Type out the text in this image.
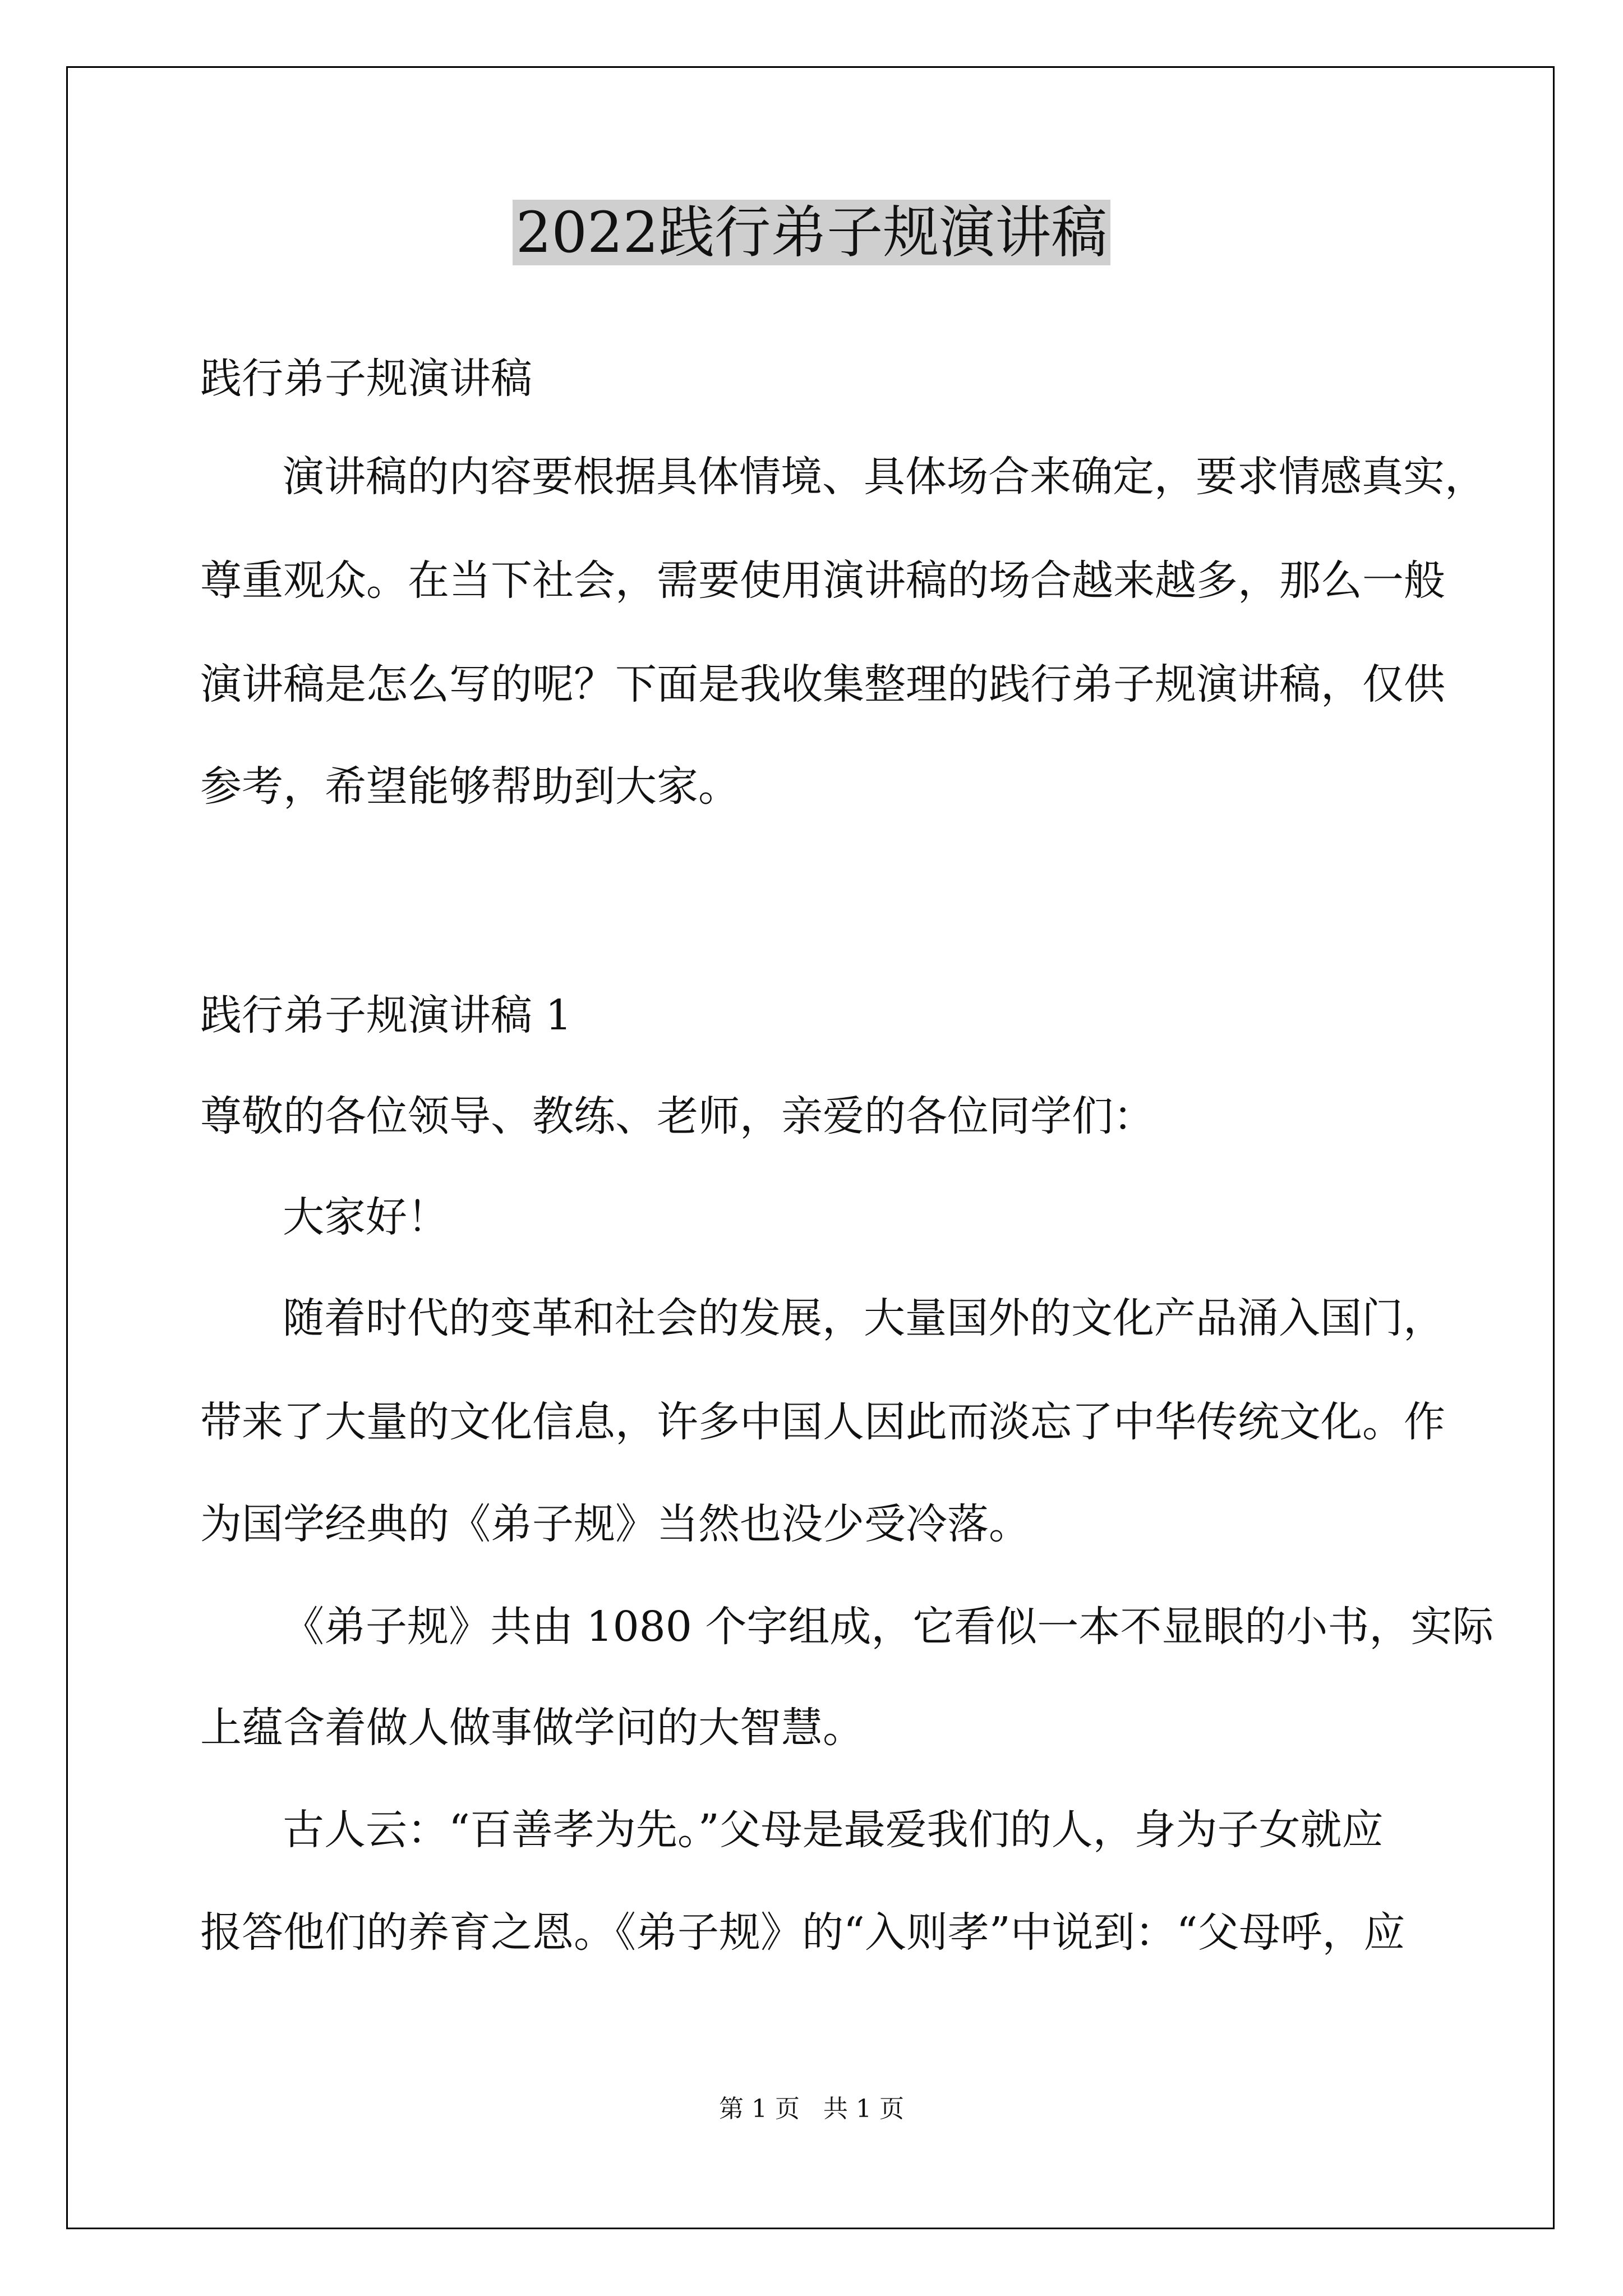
2022践行弟子规演讲稿
践行弟子规演讲稿
演讲稿的内容要根据具体情境、具体场合来确定，要求情感真实，
尊重观众。在当下社会，需要使用演讲稿的场合越来越多，那么一般
演讲稿是怎么写的呢？下面是我收集整理的践行弟子规演讲稿，仅供
参考，希望能够帮助到大家。
践行弟子规演讲稿 1
尊敬的各位领导、教练、老师，亲爱的各位同学们：
大家好！
随着时代的变革和社会的发展，大量国外的文化产品涌入国门，
带来了大量的文化信息，许多中国人因此而淡忘了中华传统文化。作
为国学经典的《弟子规》当然也没少受冷落。
《弟子规》共由 1080 个字组成，它看似一本不显眼的小书，实际
上蕴含着做人做事做学问的大智慧。
古人云：“百善孝为先。”父母是最爱我们的人，身为子女就应
报答他们的养育之恩。《弟子规》的“入则孝”中说到：“父母呼，应
第 1 页   共 1 页
